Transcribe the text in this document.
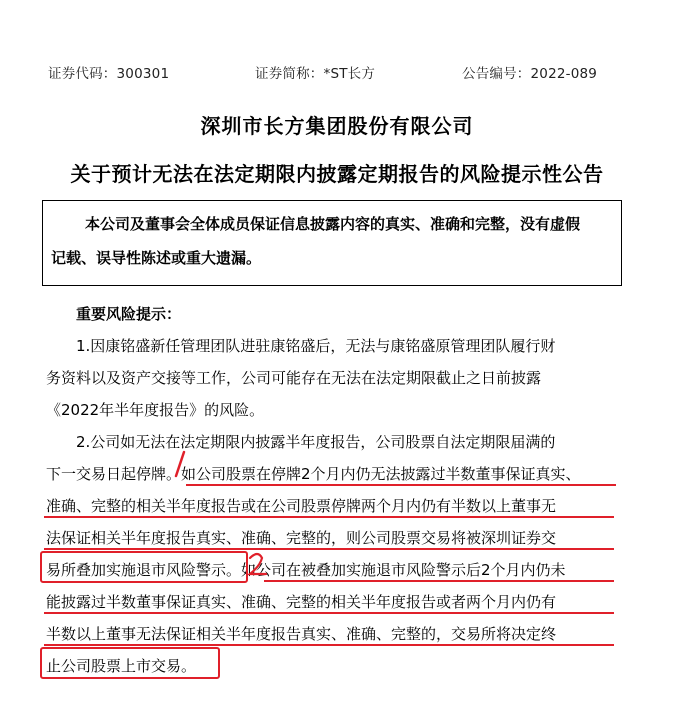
证券代码：300301	证券简称：*ST长方	公告编号：2022-089
深圳市长方集团股份有限公司
关于预计无法在法定期限内披露定期报告的风险提示性公告
本公司及董事会全体成员保证信息披露内容的真实、准确和完整，没有虚假
记载、误导性陈述或重大遗漏。
重要风险提示：
1.因康铭盛新任管理团队进驻康铭盛后，无法与康铭盛原管理团队履行财
务资料以及资产交接等工作，公司可能存在无法在法定期限截止之日前披露
《2022年半年度报告》的风险。
2.公司如无法在法定期限内披露半年度报告，公司股票自法定期限届满的
下一交易日起停牌。如公司股票在停牌2个月内仍无法披露过半数董事保证真实、
准确、完整的相关半年度报告或在公司股票停牌两个月内仍有半数以上董事无
法保证相关半年度报告真实、准确、完整的，则公司股票交易将被深圳证券交
易所叠加实施退市风险警示。如公司在被叠加实施退市风险警示后2个月内仍未
能披露过半数董事保证真实、准确、完整的相关半年度报告或者两个月内仍有
半数以上董事无法保证相关半年度报告真实、准确、完整的，交易所将决定终
止公司股票上市交易。
